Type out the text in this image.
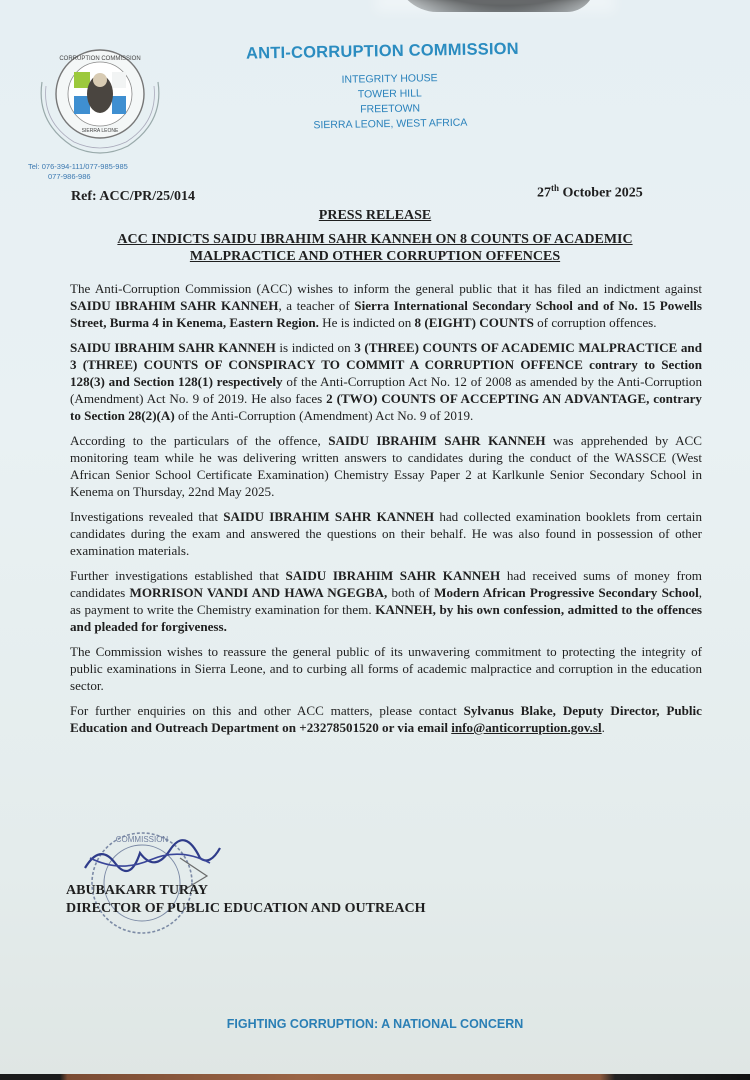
CORRUPTION COMMISSION
SIERRA LEONE
ANTI-CORRUPTION COMMISSION
INTEGRITY HOUSE
TOWER HILL
FREETOWN
SIERRA LEONE, WEST AFRICA
Tel: 076-394-111/077-985-985
077-986-986
Ref: ACC/PR/25/014	27th October 2025
PRESS RELEASE
ACC INDICTS SAIDU IBRAHIM SAHR KANNEH ON 8 COUNTS OF ACADEMIC MALPRACTICE AND OTHER CORRUPTION OFFENCES

The Anti-Corruption Commission (ACC) wishes to inform the general public that it has filed an indictment against SAIDU IBRAHIM SAHR KANNEH, a teacher of Sierra International Secondary School and of No. 15 Powells Street, Burma 4 in Kenema, Eastern Region. He is indicted on 8 (EIGHT) COUNTS of corruption offences.

SAIDU IBRAHIM SAHR KANNEH is indicted on 3 (THREE) COUNTS OF ACADEMIC MALPRACTICE and 3 (THREE) COUNTS OF CONSPIRACY TO COMMIT A CORRUPTION OFFENCE contrary to Section 128(3) and Section 128(1) respectively of the Anti-Corruption Act No. 12 of 2008 as amended by the Anti-Corruption (Amendment) Act No. 9 of 2019. He also faces 2 (TWO) COUNTS OF ACCEPTING AN ADVANTAGE, contrary to Section 28(2)(A) of the Anti-Corruption (Amendment) Act No. 9 of 2019.

According to the particulars of the offence, SAIDU IBRAHIM SAHR KANNEH was apprehended by ACC monitoring team while he was delivering written answers to candidates during the conduct of the WASSCE (West African Senior School Certificate Examination) Chemistry Essay Paper 2 at Karlkunle Senior Secondary School in Kenema on Thursday, 22nd May 2025.

Investigations revealed that SAIDU IBRAHIM SAHR KANNEH had collected examination booklets from certain candidates during the exam and answered the questions on their behalf. He was also found in possession of other examination materials.

Further investigations established that SAIDU IBRAHIM SAHR KANNEH had received sums of money from candidates MORRISON VANDI AND HAWA NGEGBA, both of Modern African Progressive Secondary School, as payment to write the Chemistry examination for them. KANNEH, by his own confession, admitted to the offences and pleaded for forgiveness.

The Commission wishes to reassure the general public of its unwavering commitment to protecting the integrity of public examinations in Sierra Leone, and to curbing all forms of academic malpractice and corruption in the education sector.

For further enquiries on this and other ACC matters, please contact Sylvanus Blake, Deputy Director, Public Education and Outreach Department on +23278501520 or via email info@anticorruption.gov.sl.

COMMISSION
ABUBAKARR TURAY
DIRECTOR OF PUBLIC EDUCATION AND OUTREACH
FIGHTING CORRUPTION: A NATIONAL CONCERN
